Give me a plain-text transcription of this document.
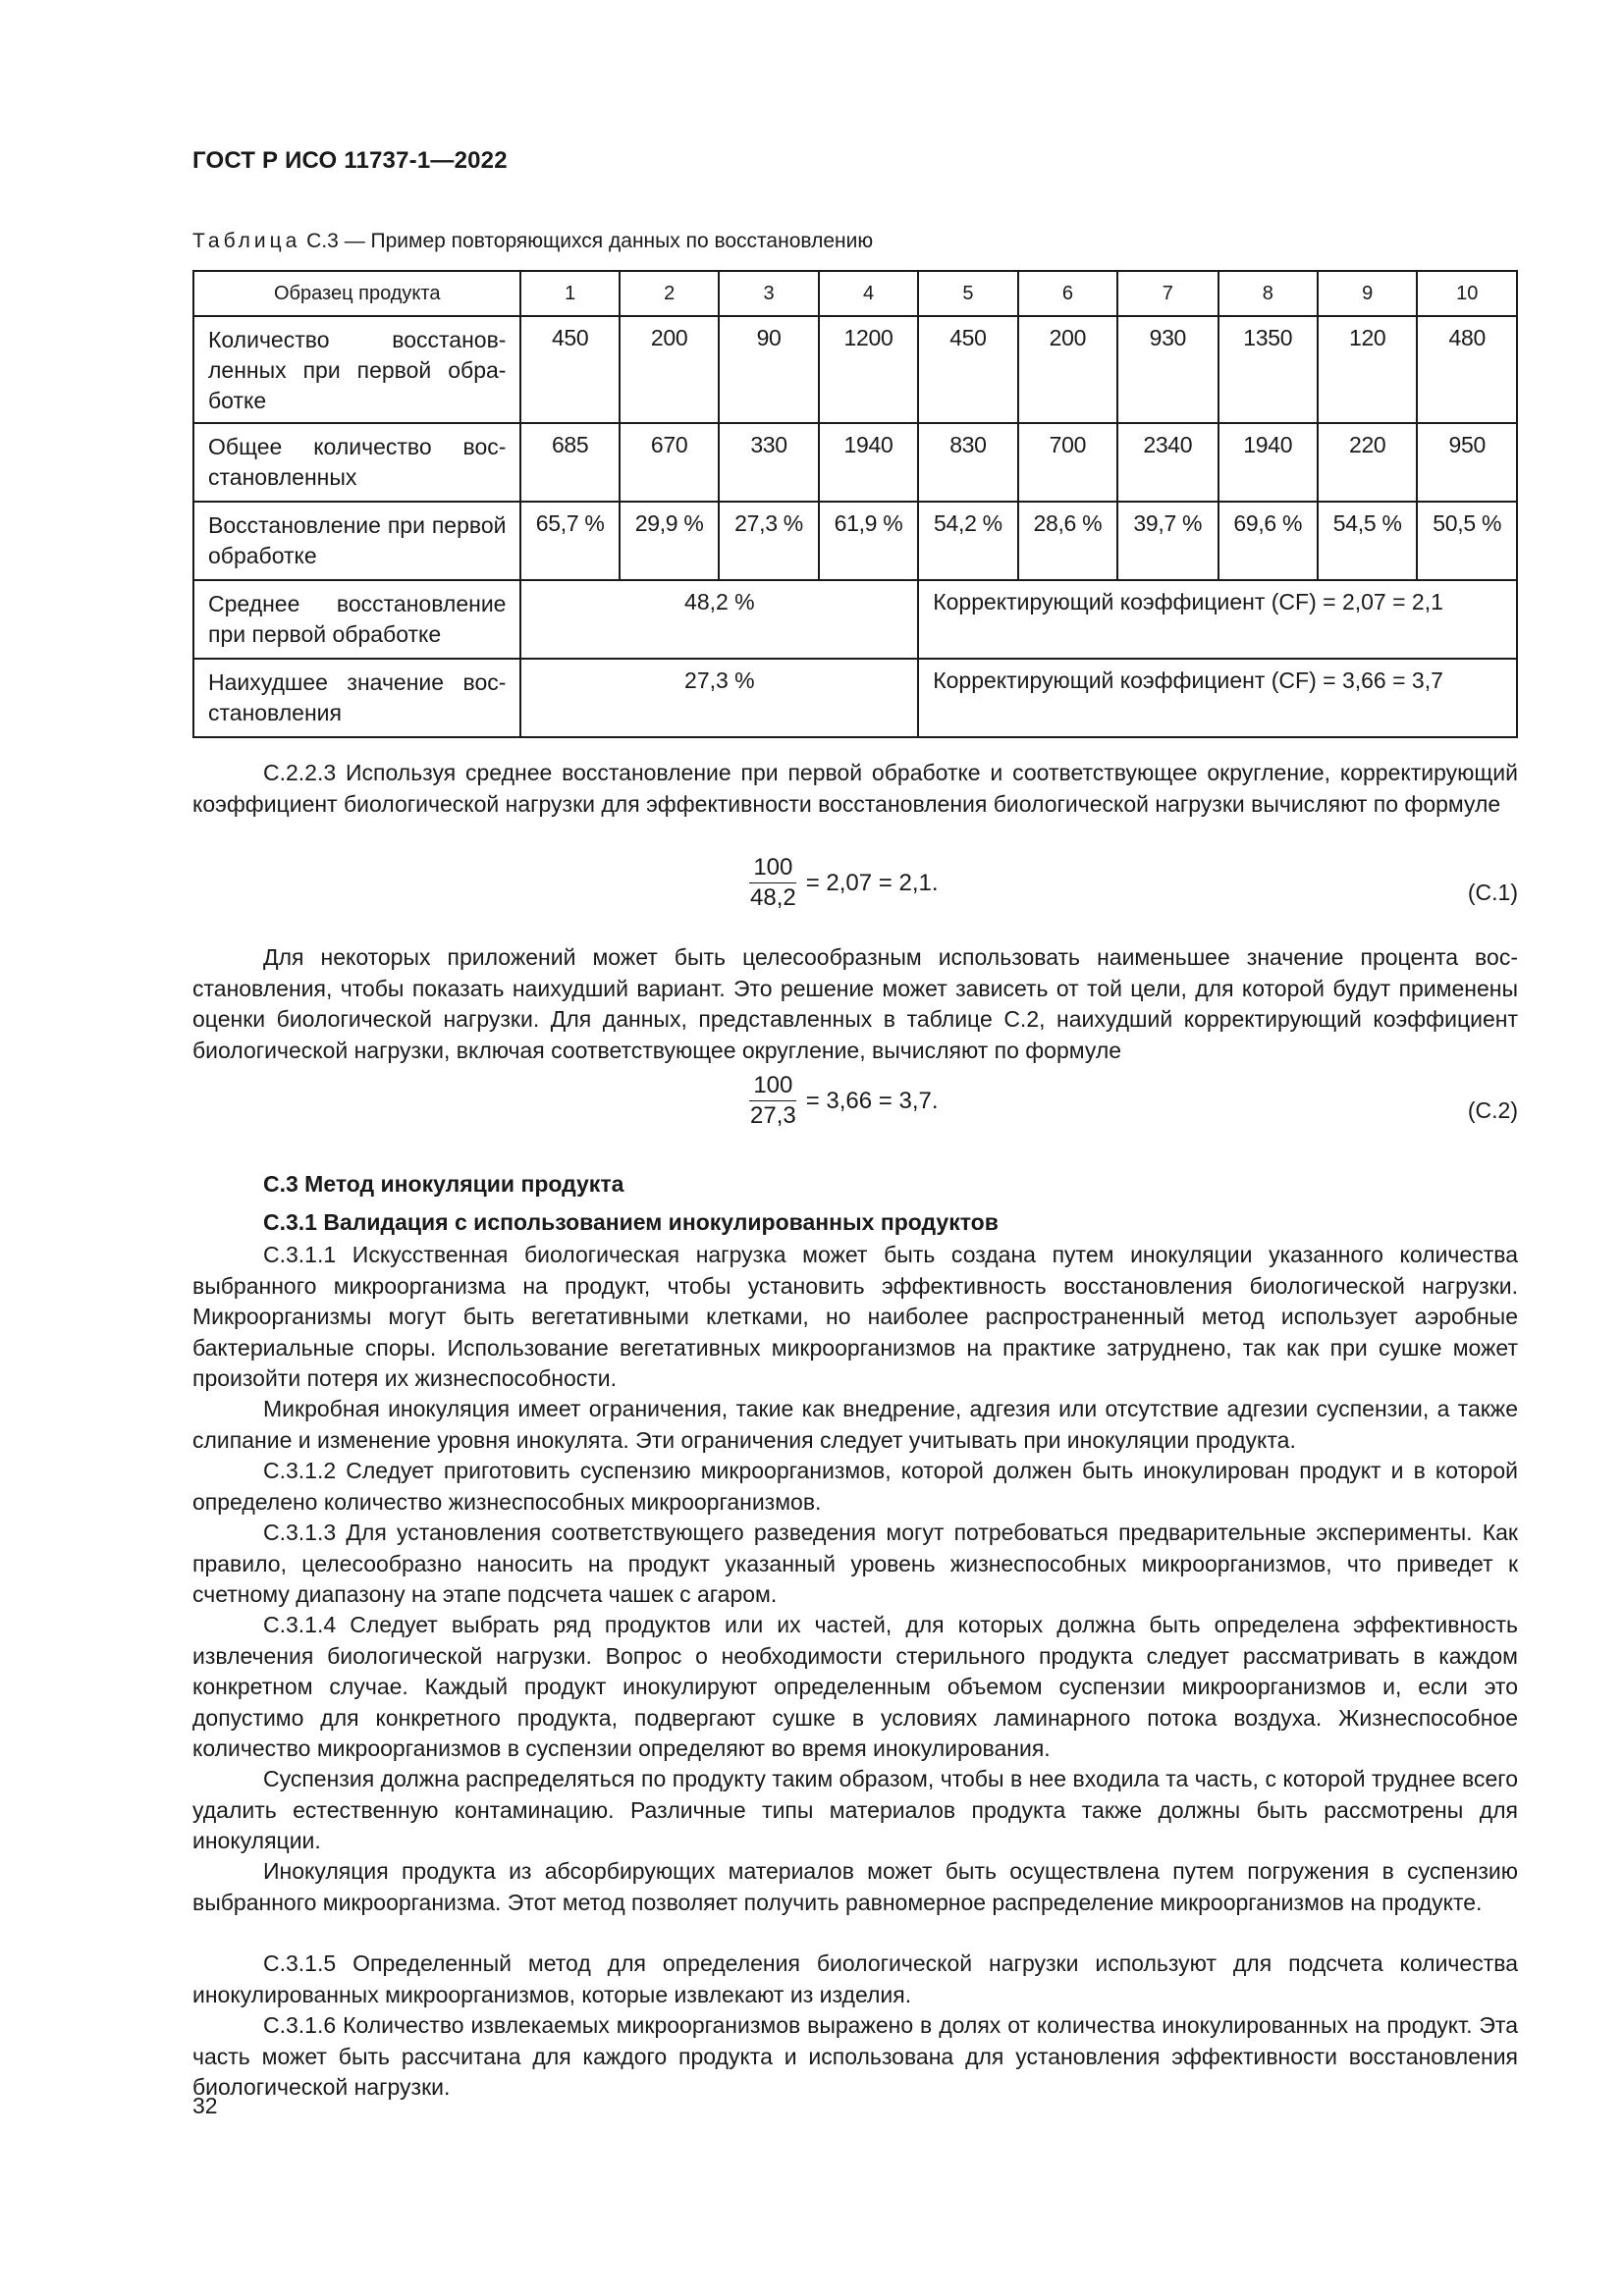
ГОСТ Р ИСО 11737-1—2022
Таблица С.3 — Пример повторяющихся данных по восстановлению
Образец продукта	1	2	3	4	5	6	7	8	9	10
Количество восстановленных при первой обработке	450	200	90	1200	450	200	930	1350	120	480
Общее количество восстановленных	685	670	330	1940	830	700	2340	1940	220	950
Восстановление при первой обработке	65,7 %	29,9 %	27,3 %	61,9 %	54,2 %	28,6 %	39,7 %	69,6 %	54,5 %	50,5 %
Среднее восстановление при первой обработке	48,2 %				Корректирующий коэффициент (CF) = 2,07 = 2,1					
Наихудшее значение восстановления	27,3 %				Корректирующий коэффициент (CF) = 3,66 = 3,7					

С.2.2.3 Используя среднее восстановление при первой обработке и соответствующее округление, корректирующий коэффициент биологической нагрузки для эффективности восстановления биологической нагрузки вычисляют по формуле

$\frac{100}{48,2} = 2,07 = 2,1$.	(С.1)

Для некоторых приложений может быть целесообразным использовать наименьшее значение процента восстановления, чтобы показать наихудший вариант. Это решение может зависеть от той цели, для которой будут применены оценки биологической нагрузки. Для данных, представленных в таблице С.2, наихудший корректирующий коэффициент биологической нагрузки, включая соответствующее округление, вычисляют по формуле

$\frac{100}{27,3} = 3,66 = 3,7$.	(С.2)

С.3 Метод инокуляции продукта

С.3.1 Валидация с использованием инокулированных продуктов

С.3.1.1 Искусственная биологическая нагрузка может быть создана путем инокуляции указанного количества выбранного микроорганизма на продукт, чтобы установить эффективность восстановления биологической нагрузки. Микроорганизмы могут быть вегетативными клетками, но наиболее распространенный метод использует аэробные бактериальные споры. Использование вегетативных микроорганизмов на практике затруднено, так как при сушке может произойти потеря их жизнеспособности.

Микробная инокуляция имеет ограничения, такие как внедрение, адгезия или отсутствие адгезии суспензии, а также слипание и изменение уровня инокулята. Эти ограничения следует учитывать при инокуляции продукта.

С.3.1.2 Следует приготовить суспензию микроорганизмов, которой должен быть инокулирован продукт и в которой определено количество жизнеспособных микроорганизмов.

С.3.1.3 Для установления соответствующего разведения могут потребоваться предварительные эксперименты. Как правило, целесообразно наносить на продукт указанный уровень жизнеспособных микроорганизмов, что приведет к счетному диапазону на этапе подсчета чашек с агаром.

С.3.1.4 Следует выбрать ряд продуктов или их частей, для которых должна быть определена эффективность извлечения биологической нагрузки. Вопрос о необходимости стерильного продукта следует рассматривать в каждом конкретном случае. Каждый продукт инокулируют определенным объемом суспензии микроорганизмов и, если это допустимо для конкретного продукта, подвергают сушке в условиях ламинарного потока воздуха. Жизнеспособное количество микроорганизмов в суспензии определяют во время инокулирования.

Суспензия должна распределяться по продукту таким образом, чтобы в нее входила та часть, с которой труднее всего удалить естественную контаминацию. Различные типы материалов продукта также должны быть рассмотрены для инокуляции.

Инокуляция продукта из абсорбирующих материалов может быть осуществлена путем погружения в суспензию выбранного микроорганизма. Этот метод позволяет получить равномерное распределение микроорганизмов на продукте.

С.3.1.5 Определенный метод для определения биологической нагрузки используют для подсчета количества инокулированных микроорганизмов, которые извлекают из изделия.

С.3.1.6 Количество извлекаемых микроорганизмов выражено в долях от количества инокулированных на продукт. Эта часть может быть рассчитана для каждого продукта и использована для установления эффективности восстановления биологической нагрузки.

32
